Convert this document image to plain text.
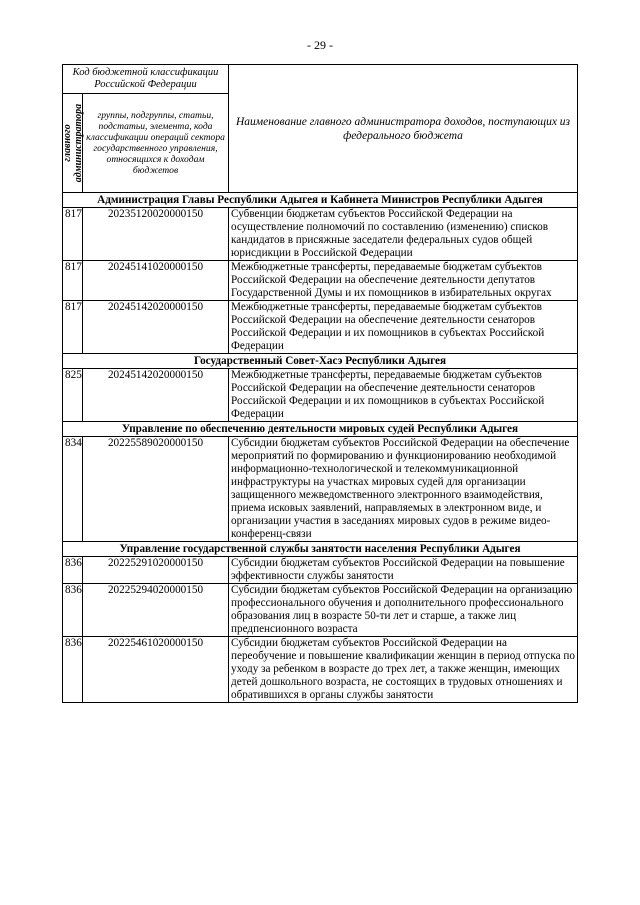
- 29 -
Код бюджетной классификации Российской Федерации		Наименование главного администратора доходов, поступающих из федерального бюджета

главного администратора	группы, подгруппы, статьи, подстатьи, элемента, кода классификации операций сектора государственного управления, относящихся к доходам бюджетов	
Администрация Главы Республики Адыгея и Кабинета Министров Республики Адыгея		
817	20235120020000150	Субвенции бюджетам субъектов Российской Федерации на осуществление полномочий по составлению (изменению) списков кандидатов в присяжные заседатели федеральных судов общей юрисдикции в Российской Федерации
817	20245141020000150	Межбюджетные трансферты, передаваемые бюджетам субъектов Российской Федерации на обеспечение деятельности депутатов Государственной Думы и их помощников в избирательных округах
817	20245142020000150	Межбюджетные трансферты, передаваемые бюджетам субъектов Российской Федерации на обеспечение деятельности сенаторов Российской Федерации и их помощников в субъектах Российской Федерации
Государственный Совет-Хасэ Республики Адыгея		
825	20245142020000150	Межбюджетные трансферты, передаваемые бюджетам субъектов Российской Федерации на обеспечение деятельности сенаторов Российской Федерации и их помощников в субъектах Российской Федерации
Управление по обеспечению деятельности мировых судей Республики Адыгея		
834	20225589020000150	Субсидии бюджетам субъектов Российской Федерации на обеспечение мероприятий по формированию и функционированию необходимой информационно-технологической и телекоммуникационной инфраструктуры на участках мировых судей для организации защищенного межведомственного электронного взаимодействия, приема исковых заявлений, направляемых в электронном виде, и организации участия в заседаниях мировых судов в режиме видео-конференц-связи
Управление государственной службы занятости населения Республики Адыгея		
836	20225291020000150	Субсидии бюджетам субъектов Российской Федерации на повышение эффективности службы занятости
836	20225294020000150	Субсидии бюджетам субъектов Российской Федерации на организацию профессионального обучения и дополнительного профессионального образования лиц в возрасте 50-ти лет и старше, а также лиц предпенсионного возраста
836	20225461020000150	Субсидии бюджетам субъектов Российской Федерации на переобучение и повышение квалификации женщин в период отпуска по уходу за ребенком в возрасте до трех лет, а также женщин, имеющих детей дошкольного возраста, не состоящих в трудовых отношениях и обратившихся в органы службы занятости
